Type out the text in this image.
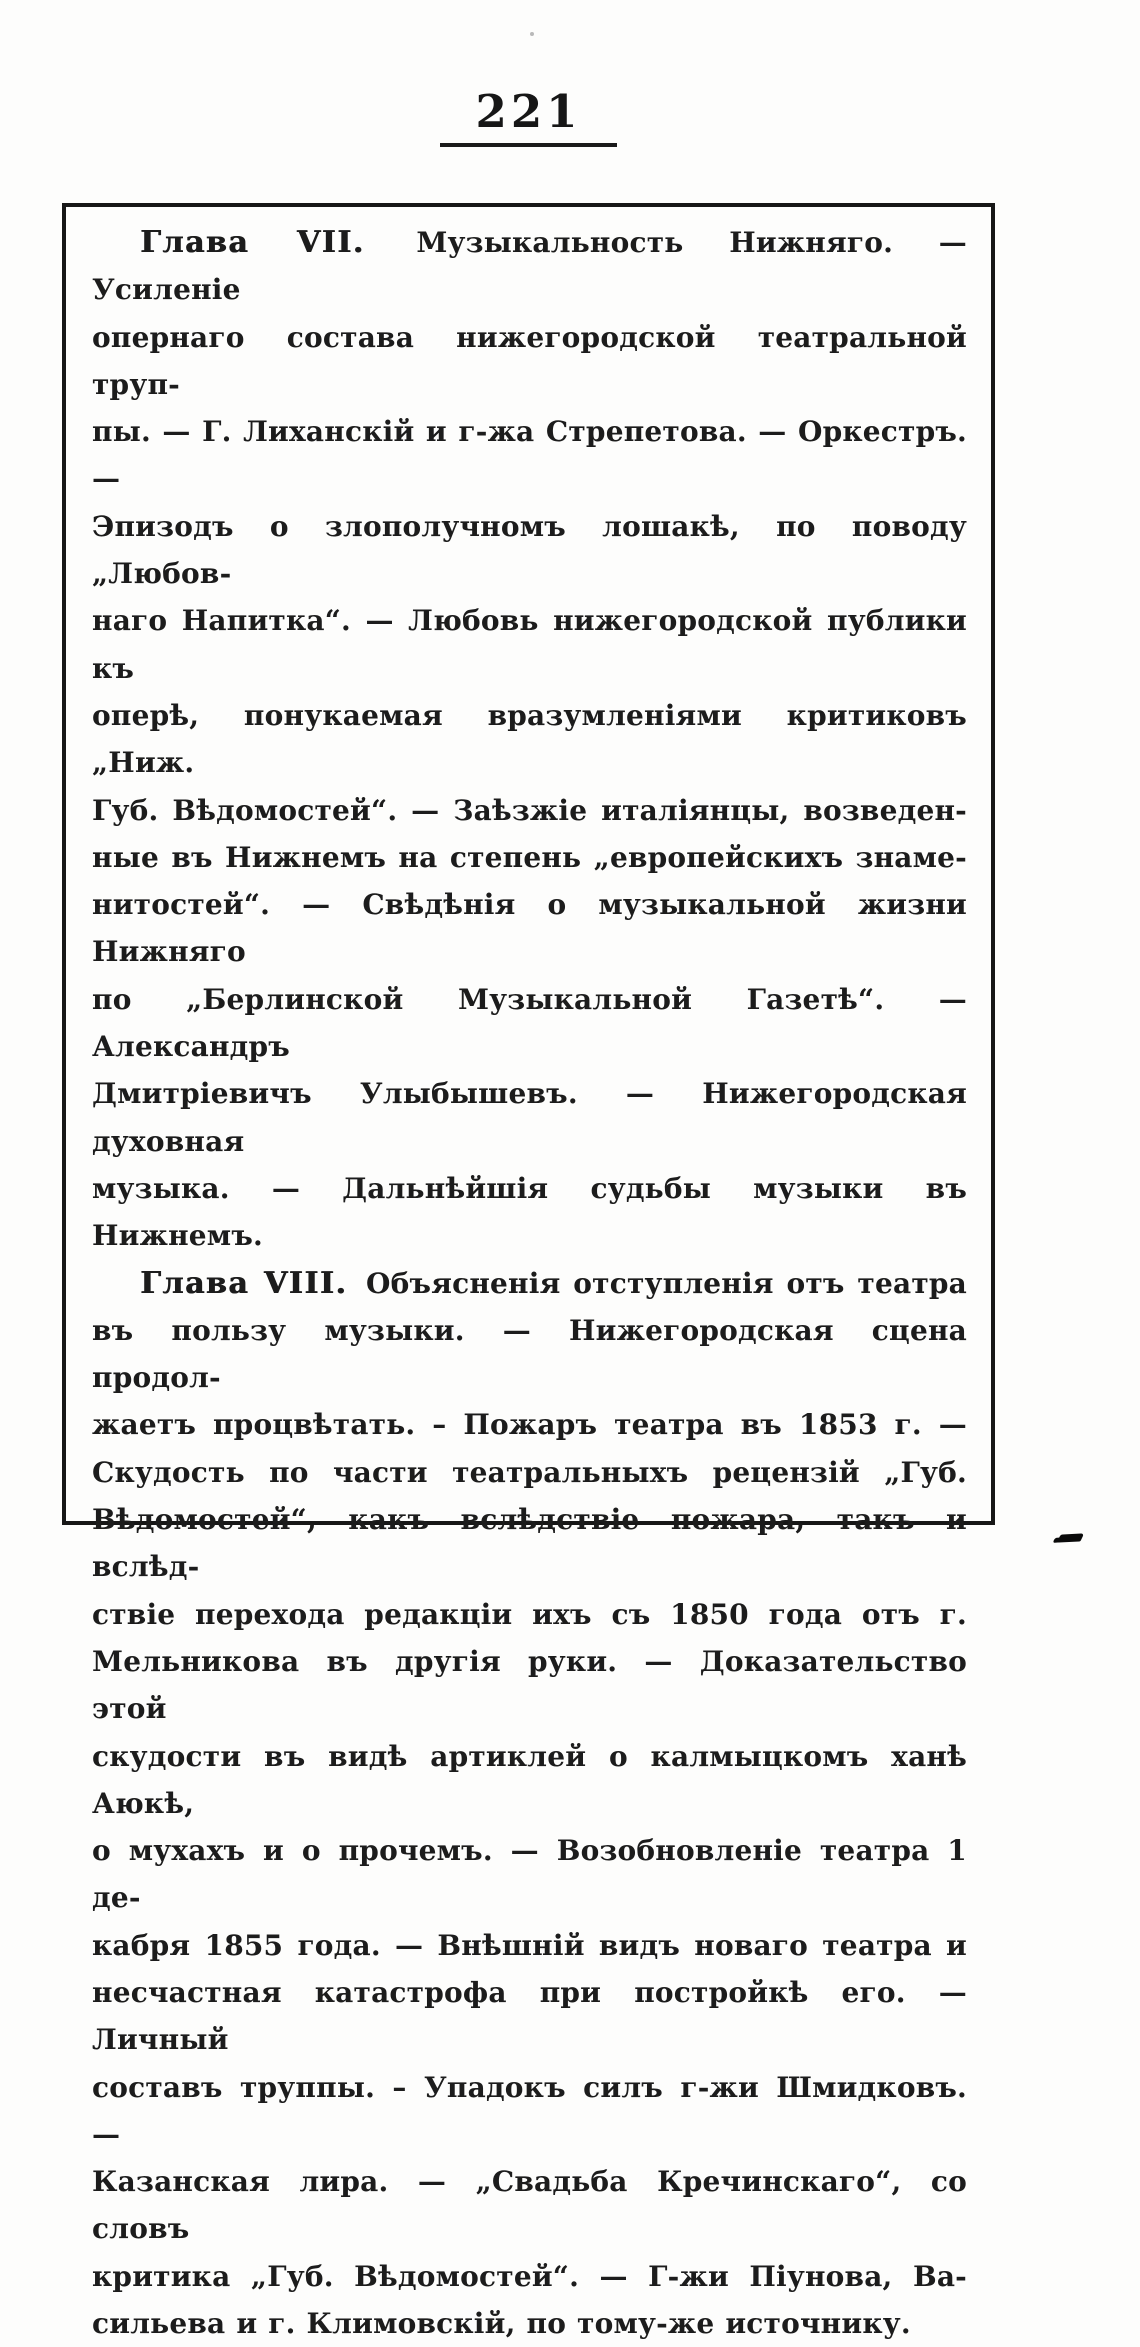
221
Глава VII. Музыкальность Нижняго. — Усиленіе
опернаго состава нижегородской театральной труп-
пы. — Г. Лиханскій и г-жа Стрепетова. — Оркестръ. —
Эпизодъ о злополучномъ лошакѣ, по поводу „Любов-
наго Напитка“. — Любовь нижегородской публики къ
оперѣ, понукаемая вразумленіями критиковъ „Ниж.
Губ. Вѣдомостей“. — Заѣзжіе италіянцы, возведен-
ные въ Нижнемъ на степень „европейскихъ знаме-
нитостей“. — Свѣдѣнія о музыкальной жизни Нижняго
по „Берлинской Музыкальной Газетѣ“. — Александръ
Дмитріевичъ Улыбышевъ. — Нижегородская духовная
музыка. — Дальнѣйшія судьбы музыки въ Нижнемъ.
Глава VIII. Объясненія отступленія отъ театра
въ пользу музыки. — Нижегородская сцена продол-
жаетъ процвѣтать. – Пожаръ театра въ 1853 г. —
Скудость по части театральныхъ рецензій „Губ.
Вѣдомостей“, какъ вслѣдствіе пожара, такъ и вслѣд-
ствіе перехода редакціи ихъ съ 1850 года отъ г.
Мельникова въ другія руки. — Доказательство этой
скудости въ видѣ артиклей о калмыцкомъ ханѣ Аюкѣ,
о мухахъ и о прочемъ. — Возобновленіе театра 1 де-
кабря 1855 года. — Внѣшній видъ новаго театра и
несчастная катастрофа при постройкѣ его. — Личный
составъ труппы. – Упадокъ силъ г-жи Шмидковъ. —
Казанская лира. — „Свадьба Кречинскаго“, со словъ
критика „Губ. Вѣдомостей“. — Г-жи Піунова, Ва-
сильева и г. Климовскій, по тому-же источнику.
